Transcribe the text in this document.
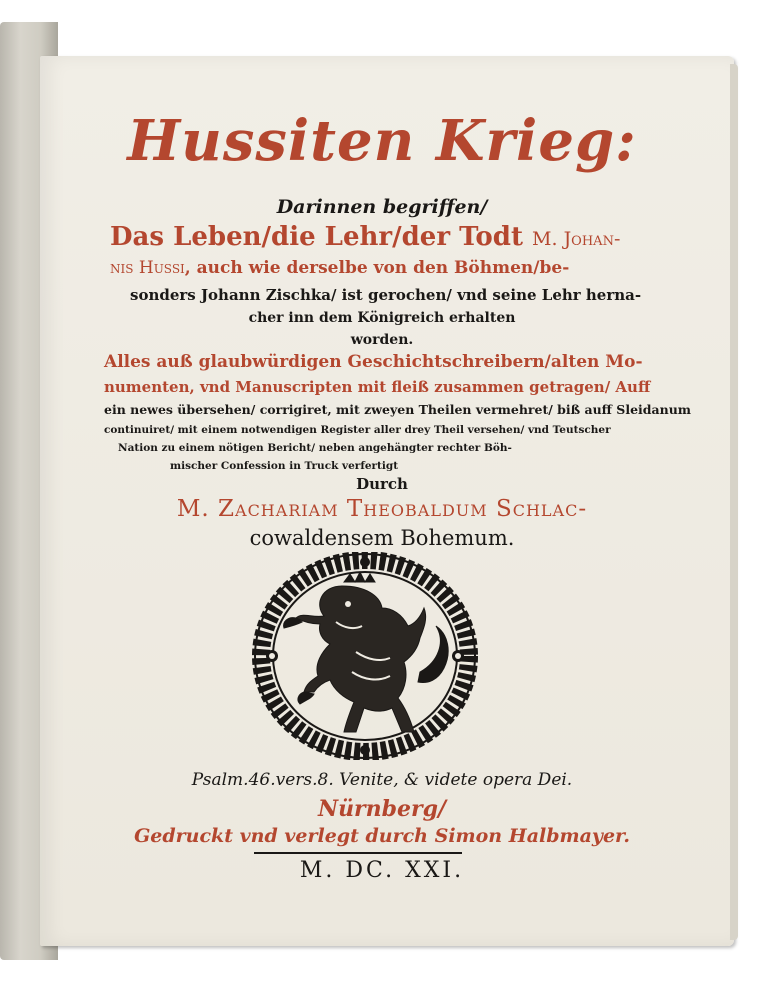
Hussiten Krieg:
Darinnen begriffen/
Das Leben/die Lehr/der Todt M. Johan-
nis Hussi, auch wie derselbe von den Böhmen/be-
sonders Johann Zischka/ ist gerochen/ vnd seine Lehr herna-
cher inn dem Königreich erhalten
worden.
Alles auß glaubwürdigen Geschichtschreibern/alten Mo-
numenten, vnd Manuscripten mit fleiß zusammen getragen/ Auff
ein newes übersehen/ corrigiret, mit zweyen Theilen vermehret/ biß auff Sleidanum
continuiret/ mit einem notwendigen Register aller drey Theil versehen/ vnd Teutscher
Nation zu einem nötigen Bericht/ neben angehängter rechter Böh-
mischer Confession in Truck verfertigt
Durch
M. Zachariam Theobaldum Schlac-
cowaldensem Bohemum.
Psalm.46.vers.8. Venite, & videte opera Dei.
Nürnberg/
Gedruckt vnd verlegt durch Simon Halbmayer.
M. DC. XXI.
